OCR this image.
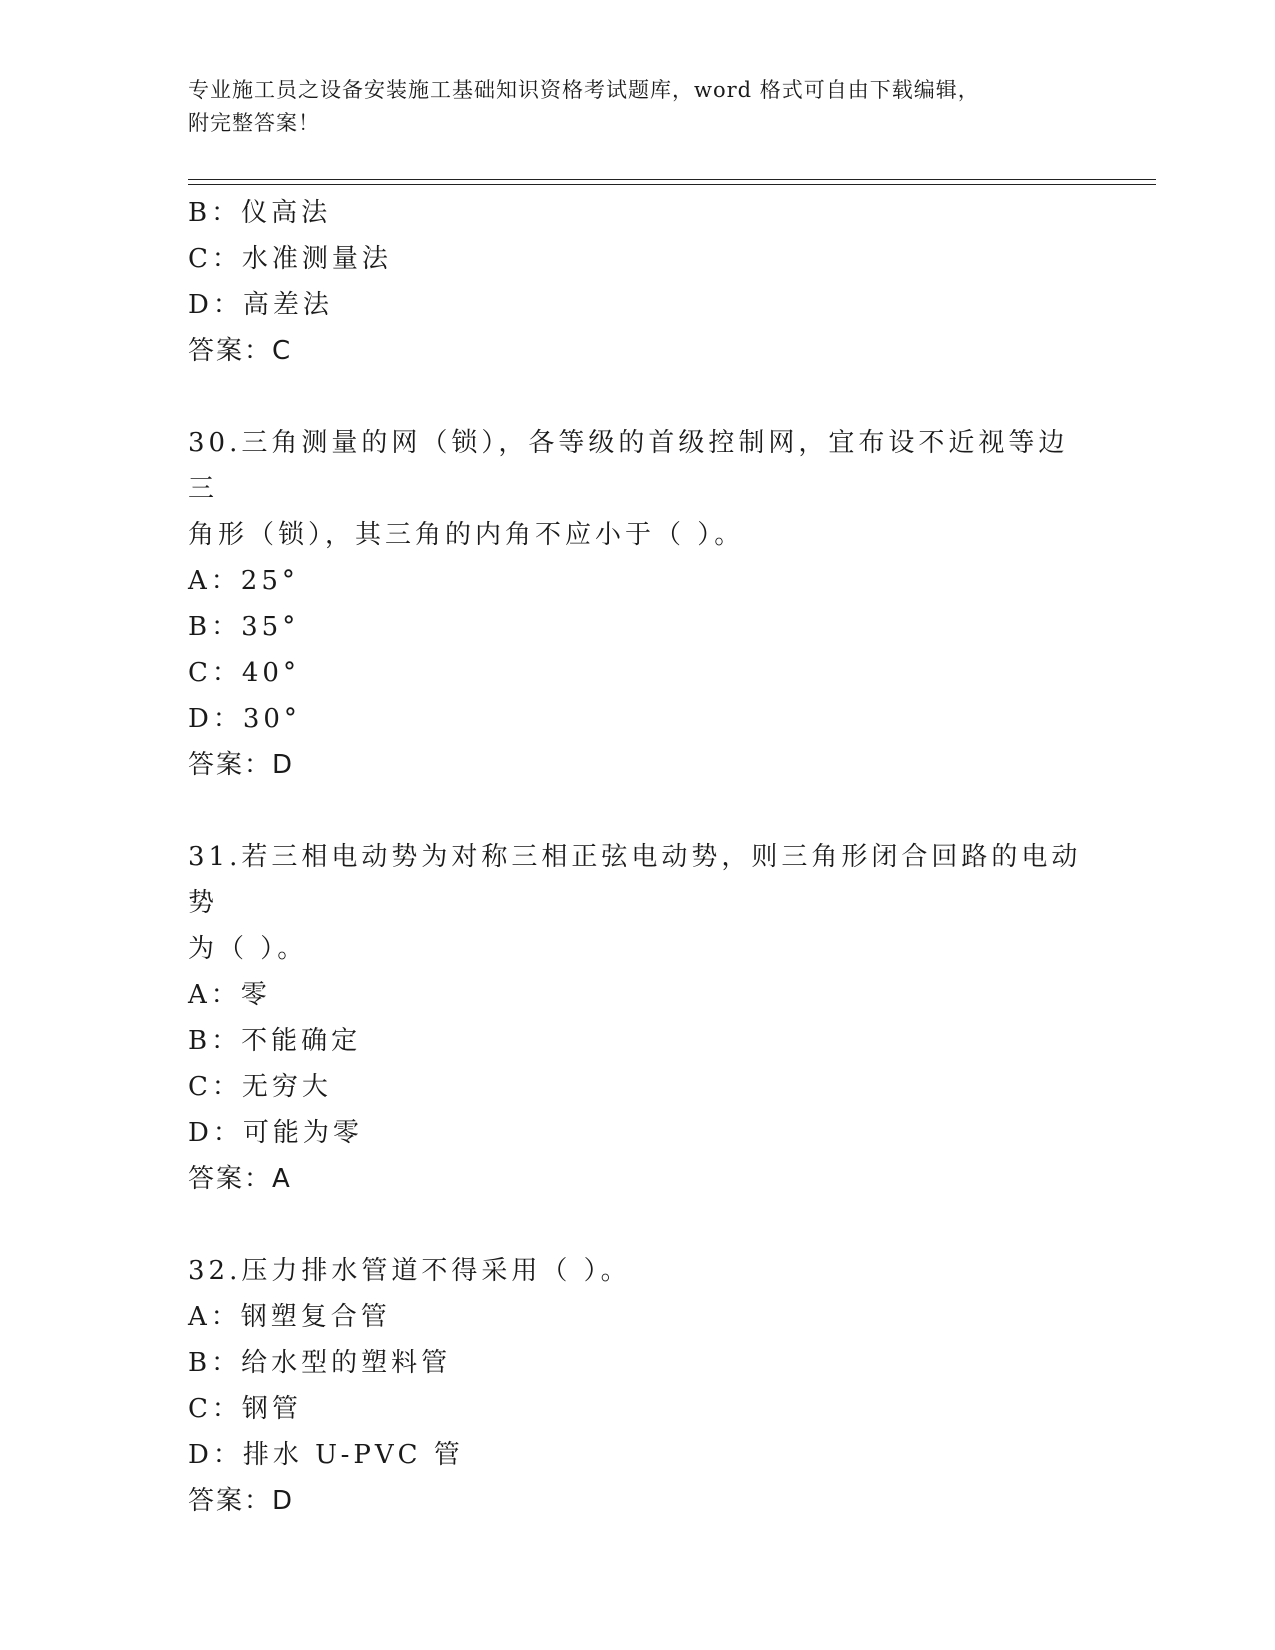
专业施工员之设备安装施工基础知识资格考试题库，word 格式可自由下载编辑，
附完整答案！
B：仪高法
C：水准测量法
D：高差法
答案：C
30.三角测量的网（锁），各等级的首级控制网，宜布设不近视等边三
角形（锁），其三角的内角不应小于（ ）。
A：25°
B：35°
C：40°
D：30°
答案：D
31.若三相电动势为对称三相正弦电动势，则三角形闭合回路的电动势
为（ ）。
A：零
B：不能确定
C：无穷大
D：可能为零
答案：A
32.压力排水管道不得采用（ ）。
A：钢塑复合管
B：给水型的塑料管
C：钢管
D：排水 U-PVC 管
答案：D
